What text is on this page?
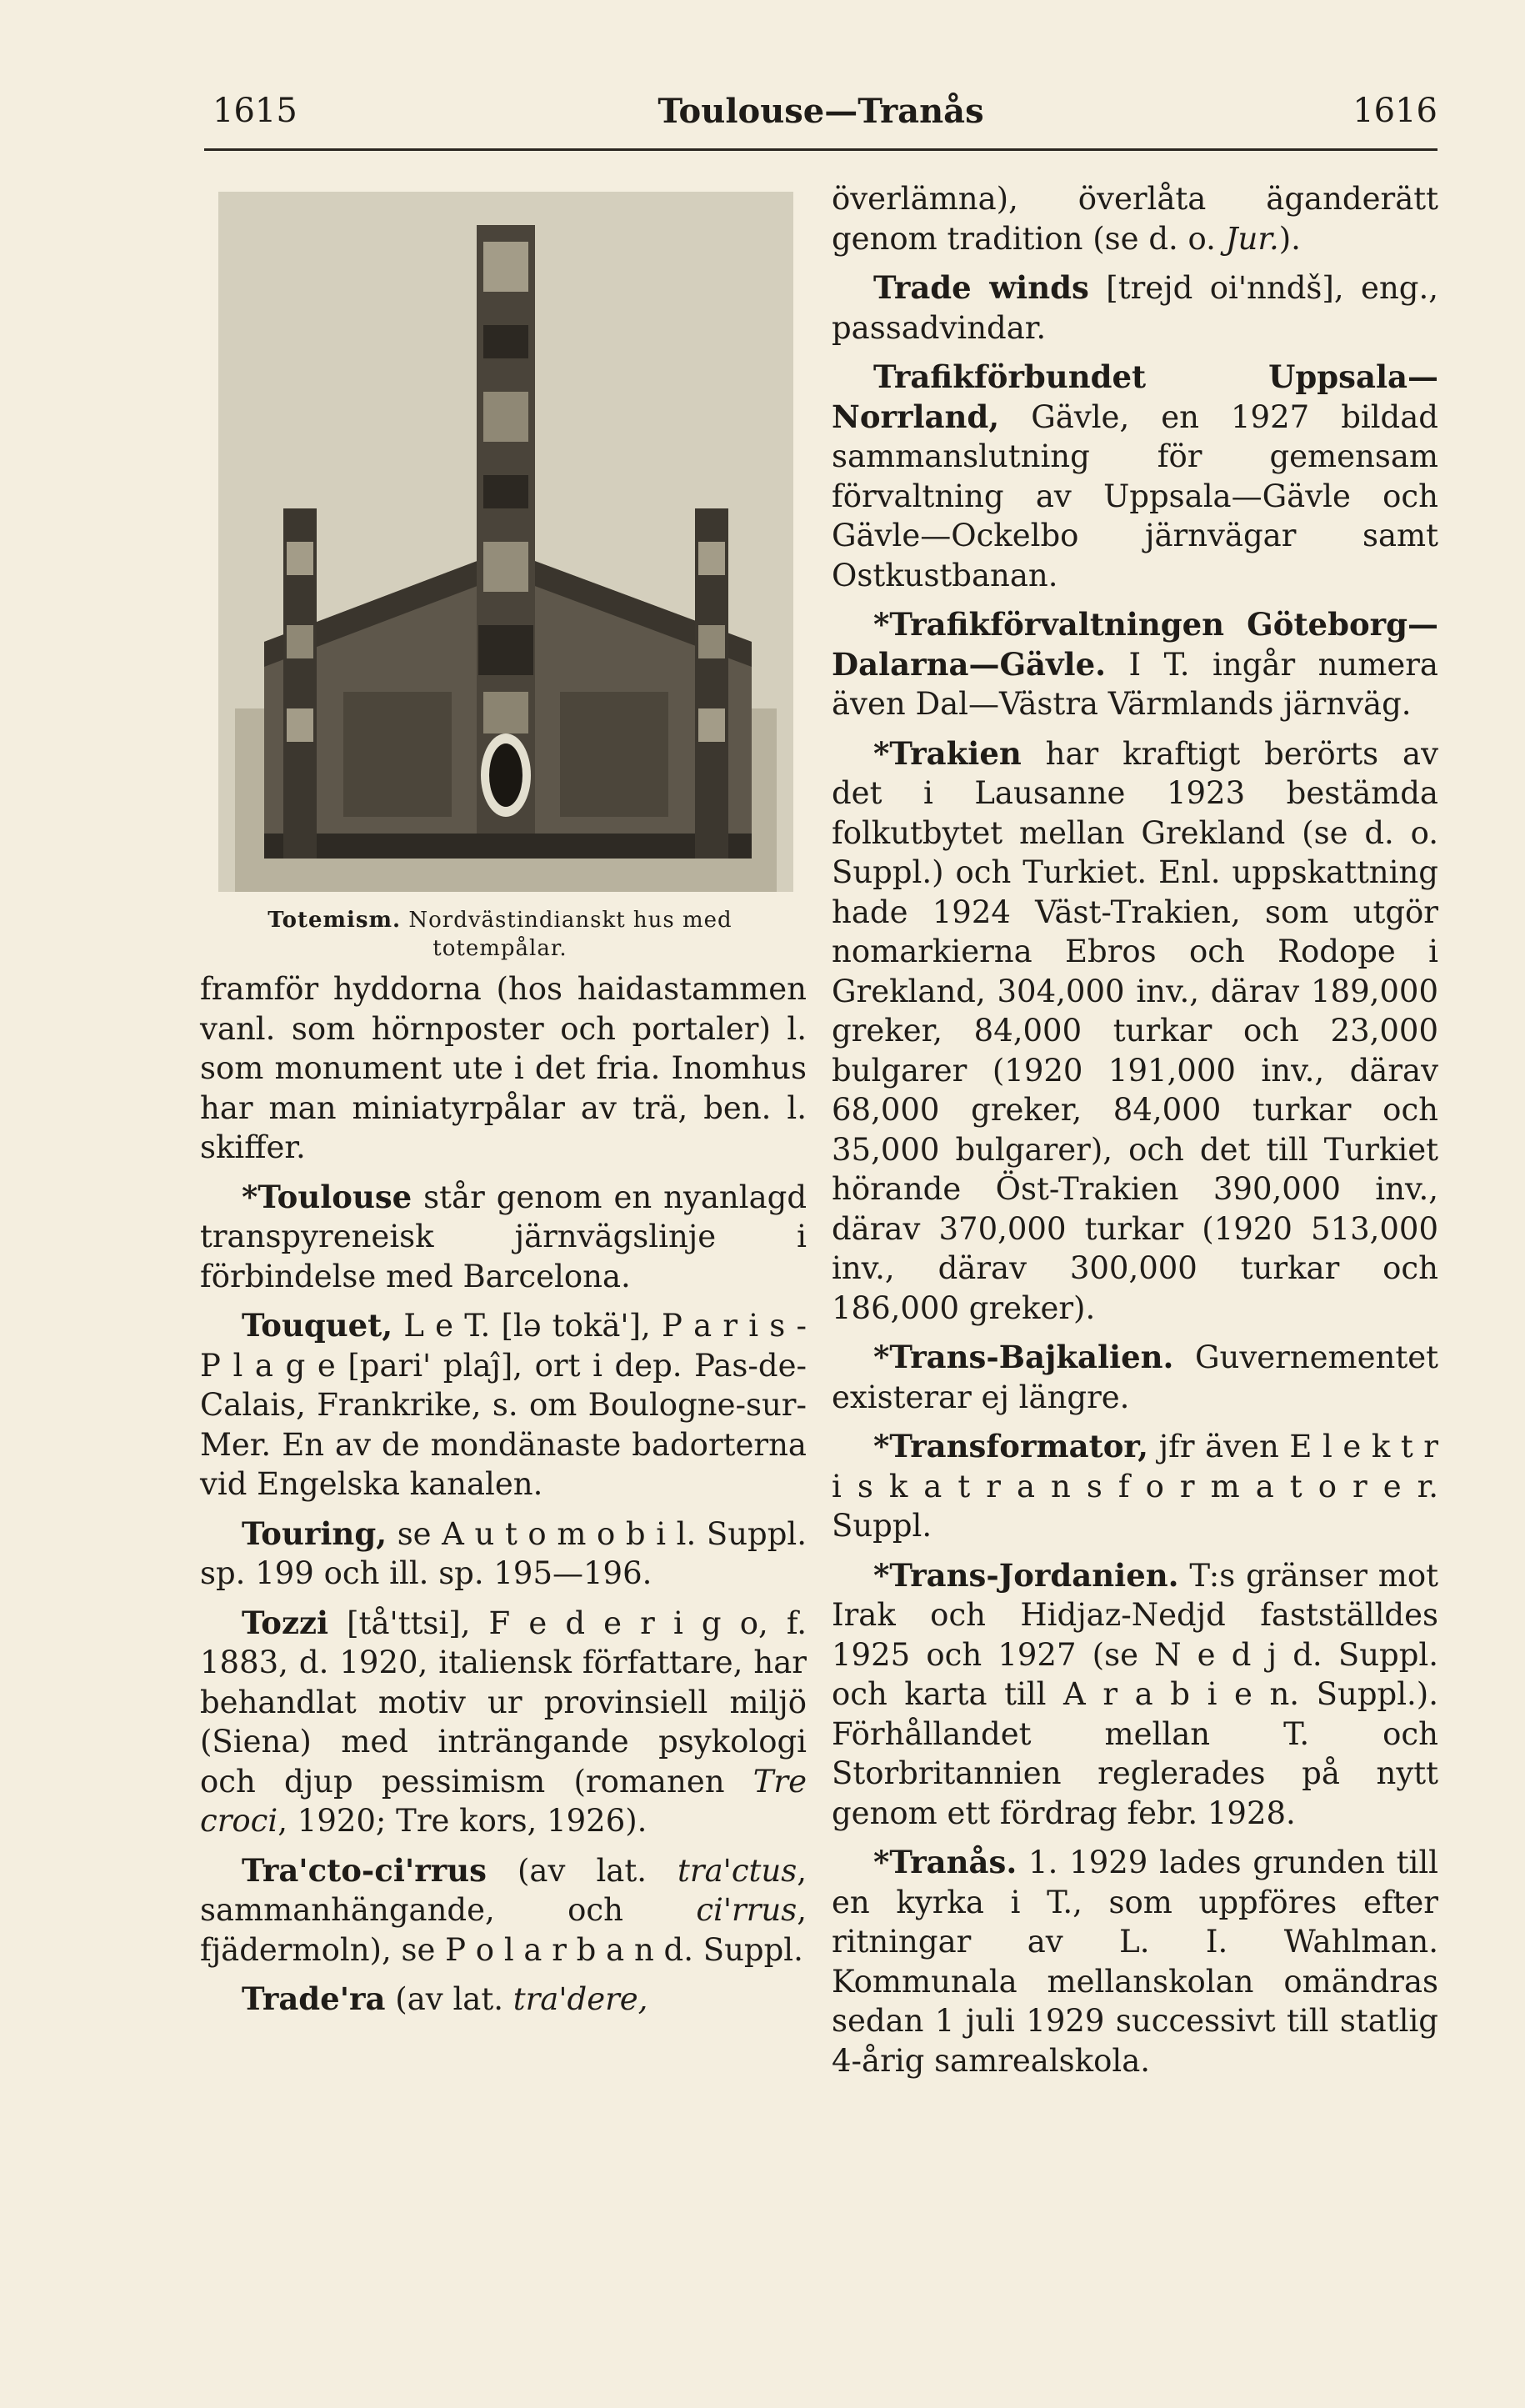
1615	Toulouse—Tranås	1616
Totemism. Nordvästindianskt hus med totempålar.

framför hyddorna (hos haidastammen vanl. som hörnposter och portaler) l. som monument ute i det fria. Inomhus har man miniatyrpålar av trä, ben. l. skiffer.

*Toulouse står genom en nyanlagd transpyreneisk järnvägslinje i förbindelse med Barcelona.

Touquet, L e T. [lə tokä'], P a r i s - P l a g e [pari' plaĵ], ort i dep. Pas-de-Calais, Frankrike, s. om Boulogne-sur-Mer. En av de mondänaste badorterna vid Engelska kanalen.

Touring, se A u t o m o b i l. Suppl. sp. 199 och ill. sp. 195—196.

Tozzi [tå'ttsi], F e d e r i g o, f. 1883, d. 1920, italiensk författare, har behandlat motiv ur provinsiell miljö (Siena) med inträngande psykologi och djup pessimism (romanen Tre croci, 1920; Tre kors, 1926).

Tra'cto-ci'rrus (av lat. tra'ctus, sammanhängande, och ci'rrus, fjädermoln), se P o l a r b a n d. Suppl.

Trade'ra (av lat. tra'dere,

överlämna), överlåta äganderätt genom tradition (se d. o. Jur.).

Trade winds [trejd oi'nndš], eng., passadvindar.

Trafikförbundet Uppsala—Norrland, Gävle, en 1927 bildad sammanslutning för gemensam förvaltning av Uppsala—Gävle och Gävle—Ockelbo järnvägar samt Ostkustbanan.

*Trafikförvaltningen Göteborg—Dalarna—Gävle. I T. ingår numera även Dal—Västra Värmlands järnväg.

*Trakien har kraftigt berörts av det i Lausanne 1923 bestämda folkutbytet mellan Grekland (se d. o. Suppl.) och Turkiet. Enl. uppskattning hade 1924 Väst-Trakien, som utgör nomarkierna Ebros och Rodope i Grekland, 304,000 inv., därav 189,000 greker, 84,000 turkar och 23,000 bulgarer (1920 191,000 inv., därav 68,000 greker, 84,000 turkar och 35,000 bulgarer), och det till Turkiet hörande Öst-Trakien 390,000 inv., därav 370,000 turkar (1920 513,000 inv., därav 300,000 turkar och 186,000 greker).

*Trans-Bajkalien. Guvernementet existerar ej längre.

*Transformator, jfr även E l e k t r i s k a t r a n s f o r m a t o r e r. Suppl.

*Trans-Jordanien. T:s gränser mot Irak och Hidjaz-Nedjd fastställdes 1925 och 1927 (se N e d j d. Suppl. och karta till A r a b i e n. Suppl.). Förhållandet mellan T. och Storbritannien reglerades på nytt genom ett fördrag febr. 1928.

*Tranås. 1. 1929 lades grunden till en kyrka i T., som uppföres efter ritningar av L. I. Wahlman. Kommunala mellanskolan omändras sedan 1 juli 1929 successivt till statlig 4-årig samrealskola.
